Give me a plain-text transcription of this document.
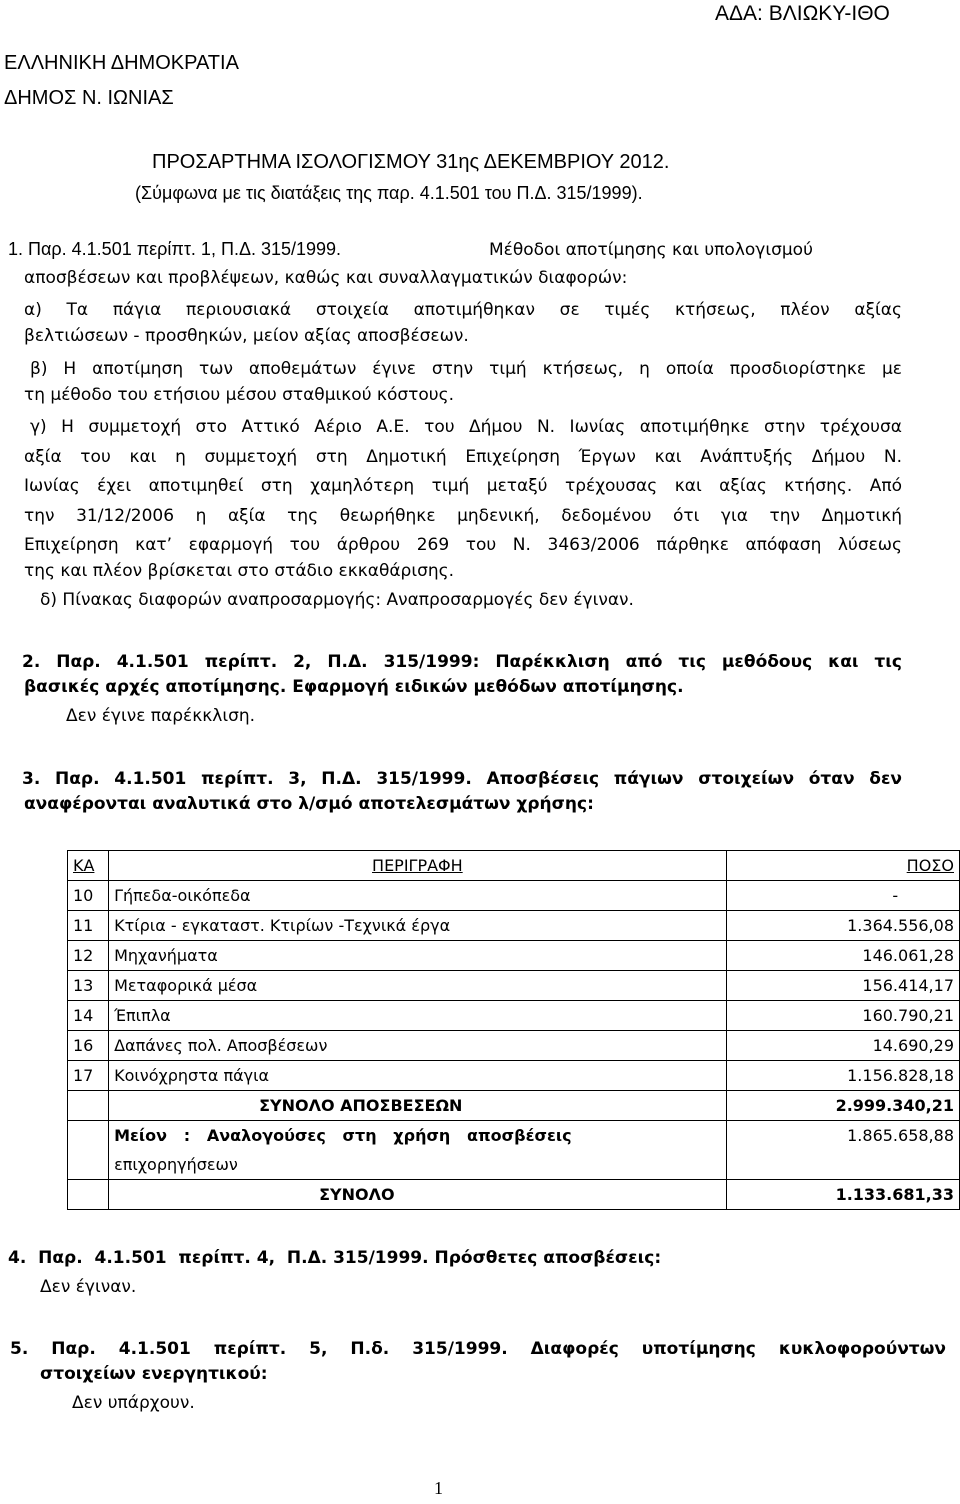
ΑΔΑ: ΒΛΙΩΚΥ-ΙΘΟ
ΕΛΛΗΝΙΚΗ ΔΗΜΟΚΡΑΤΙΑ
ΔΗΜΟΣ Ν. ΙΩΝΙΑΣ
ΠΡΟΣΑΡΤΗΜΑ ΙΣΟΛΟΓΙΣΜΟΥ 31ης ΔΕΚΕΜΒΡΙΟΥ 2012.
(Σύμφωνα με τις διατάξεις της παρ. 4.1.501 του Π.Δ. 315/1999).
1. Παρ. 4.1.501 περίπτ. 1, Π.Δ. 315/1999.	Μέθοδοι αποτίμησης και υπολογισμού
αποσβέσεων και προβλέψεων, καθώς και συναλλαγματικών διαφορών:
α) Τα πάγια περιουσιακά στοιχεία αποτιμήθηκαν σε τιμές κτήσεως, πλέον αξίας
βελτιώσεων - προσθηκών, μείον αξίας αποσβέσεων.
β) Η αποτίμηση των αποθεμάτων έγινε στην τιμή κτήσεως, η οποία προσδιορίστηκε με
τη μέθοδο του ετήσιου μέσου σταθμικού κόστους.
γ) Η συμμετοχή στο Αττικό Αέριο Α.Ε. του Δήμου Ν. Ιωνίας αποτιμήθηκε στην τρέχουσα
αξία του και η συμμετοχή στη Δημοτική Επιχείρηση Έργων και Ανάπτυξής Δήμου Ν.
Ιωνίας έχει αποτιμηθεί στη χαμηλότερη τιμή μεταξύ τρέχουσας και αξίας κτήσης. Από
την 31/12/2006 η αξία της θεωρήθηκε μηδενική, δεδομένου ότι για την Δημοτική
Επιχείρηση κατ’ εφαρμογή του άρθρου 269 του Ν. 3463/2006 πάρθηκε απόφαση λύσεως
της και πλέον βρίσκεται στο στάδιο εκκαθάρισης.
δ) Πίνακας διαφορών αναπροσαρμογής: Αναπροσαρμογές δεν έγιναν.
2. Παρ. 4.1.501 περίπτ. 2, Π.Δ. 315/1999: Παρέκκλιση από τις μεθόδους και τις
βασικές αρχές αποτίμησης. Εφαρμογή ειδικών μεθόδων αποτίμησης.
Δεν έγινε παρέκκλιση.
3. Παρ. 4.1.501 περίπτ. 3, Π.Δ. 315/1999. Αποσβέσεις πάγιων στοιχείων όταν δεν
αναφέρονται αναλυτικά στο λ/σμό αποτελεσμάτων χρήσης:
ΚΑ	ΠΕΡΙΓΡΑΦΗ	ΠΟΣΟ
10	Γήπεδα-οικόπεδα	-
11	Κτίρια - εγκαταστ. Κτιρίων -Τεχνικά έργα	1.364.556,08
12	Μηχανήματα	146.061,28
13	Μεταφορικά μέσα	156.414,17
14	Έπιπλα	160.790,21
16	Δαπάνες πολ. Αποσβέσεων	14.690,29
17	Κοινόχρηστα πάγια	1.156.828,18
	ΣΥΝΟΛΟ ΑΠΟΣΒΕΣΕΩΝ	2.999.340,21
	Μείον   :   Αναλογούσες   στη   χρήση   αποσβέσεις
επιχορηγήσεων	1.865.658,88
	ΣΥΝΟΛΟ	1.133.681,33
4.  Παρ.  4.1.501  περίπτ. 4,  Π.Δ. 315/1999. Πρόσθετες αποσβέσεις:
Δεν έγιναν.
5. Παρ. 4.1.501 περίπτ. 5, Π.δ. 315/1999. Διαφορές υποτίμησης κυκλοφορούντων
στοιχείων ενεργητικού:
Δεν υπάρχουν.
1
